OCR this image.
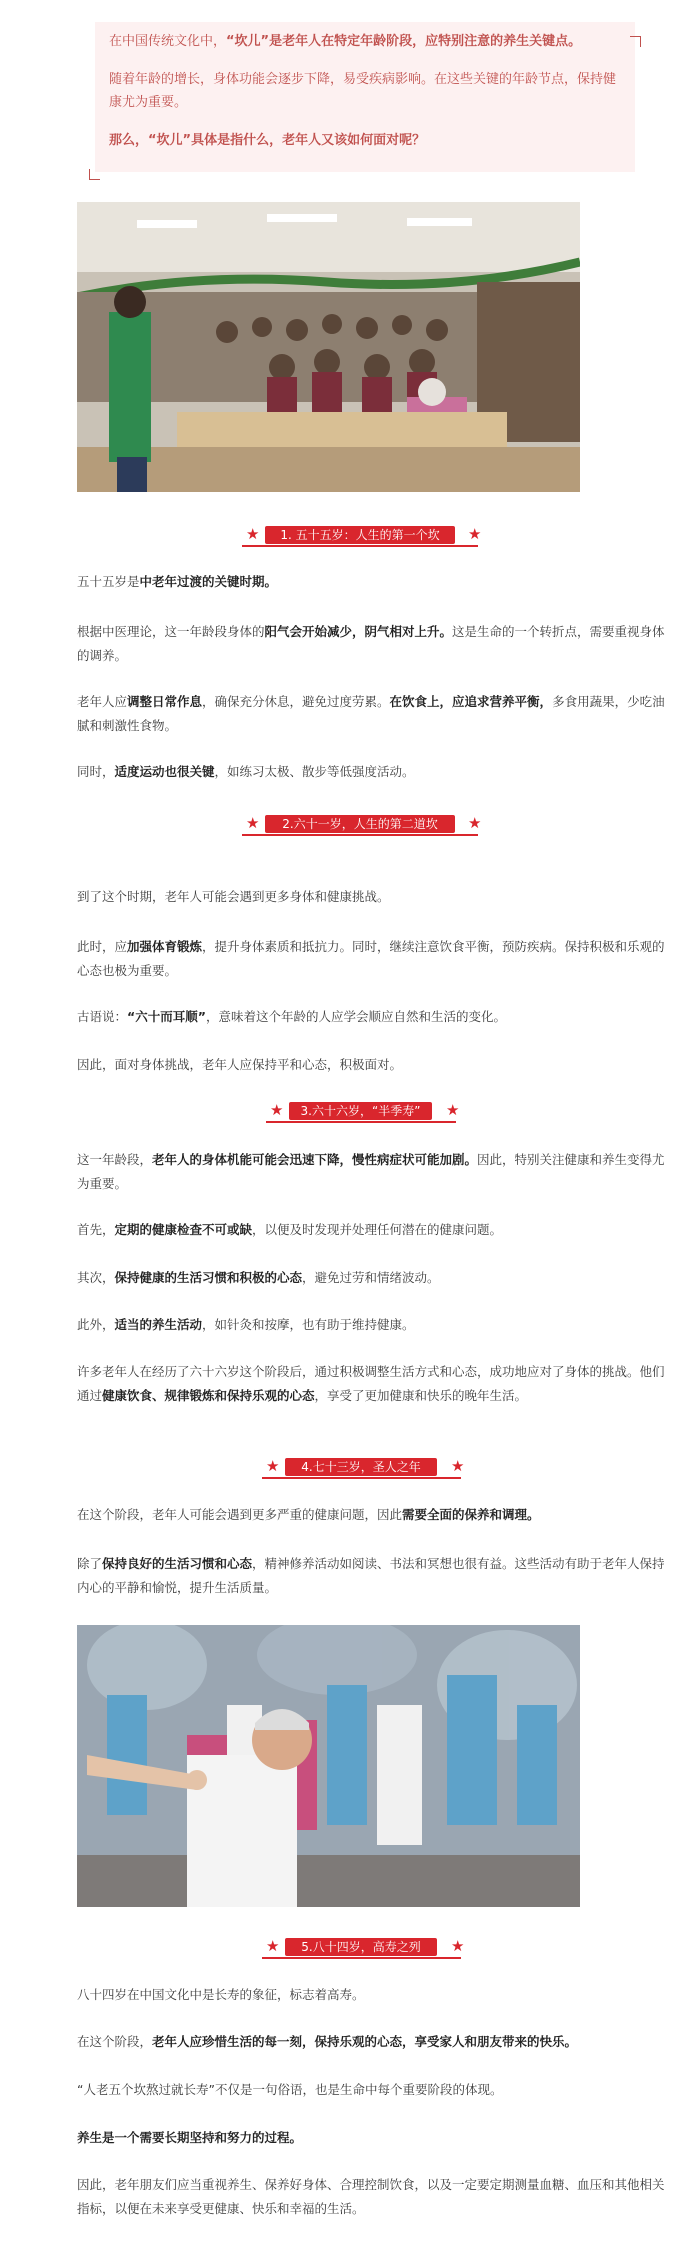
在中国传统文化中，“坎儿”是老年人在特定年龄阶段，应特别注意的养生关键点。

随着年龄的增长，身体功能会逐步下降，易受疾病影响。在这些关键的年龄节点，保持健康尤为重要。

那么，“坎儿”具体是指什么，老年人又该如何面对呢？

★	1. 五十五岁：人生的第一个坎	★

五十五岁是中老年过渡的关键时期。

根据中医理论，这一年龄段身体的阳气会开始减少，阴气相对上升。这是生命的一个转折点，需要重视身体的调养。

老年人应调整日常作息，确保充分休息，避免过度劳累。在饮食上，应追求营养平衡，多食用蔬果，少吃油腻和刺激性食物。

同时，适度运动也很关键，如练习太极、散步等低强度活动。

★	2.六十一岁，人生的第二道坎	★

到了这个时期，老年人可能会遇到更多身体和健康挑战。

此时，应加强体育锻炼，提升身体素质和抵抗力。同时，继续注意饮食平衡，预防疾病。保持积极和乐观的心态也极为重要。

古语说：“六十而耳顺”，意味着这个年龄的人应学会顺应自然和生活的变化。

因此，面对身体挑战，老年人应保持平和心态，积极面对。

★	3.六十六岁，“半季寿”	★

这一年龄段，老年人的身体机能可能会迅速下降，慢性病症状可能加剧。因此，特别关注健康和养生变得尤为重要。

首先，定期的健康检查不可或缺，以便及时发现并处理任何潜在的健康问题。

其次，保持健康的生活习惯和积极的心态，避免过劳和情绪波动。

此外，适当的养生活动，如针灸和按摩，也有助于维持健康。

许多老年人在经历了六十六岁这个阶段后，通过积极调整生活方式和心态，成功地应对了身体的挑战。他们通过健康饮食、规律锻炼和保持乐观的心态，享受了更加健康和快乐的晚年生活。

★	4.七十三岁，圣人之年	★

在这个阶段，老年人可能会遇到更多严重的健康问题，因此需要全面的保养和调理。

除了保持良好的生活习惯和心态，精神修养活动如阅读、书法和冥想也很有益。这些活动有助于老年人保持内心的平静和愉悦，提升生活质量。

★	5.八十四岁，高寿之列	★

八十四岁在中国文化中是长寿的象征，标志着高寿。

在这个阶段，老年人应珍惜生活的每一刻，保持乐观的心态，享受家人和朋友带来的快乐。

“人老五个坎熬过就长寿”不仅是一句俗语，也是生命中每个重要阶段的体现。

养生是一个需要长期坚持和努力的过程。

因此，老年朋友们应当重视养生、保养好身体、合理控制饮食，以及一定要定期测量血糖、血压和其他相关指标，以便在未来享受更健康、快乐和幸福的生活。
